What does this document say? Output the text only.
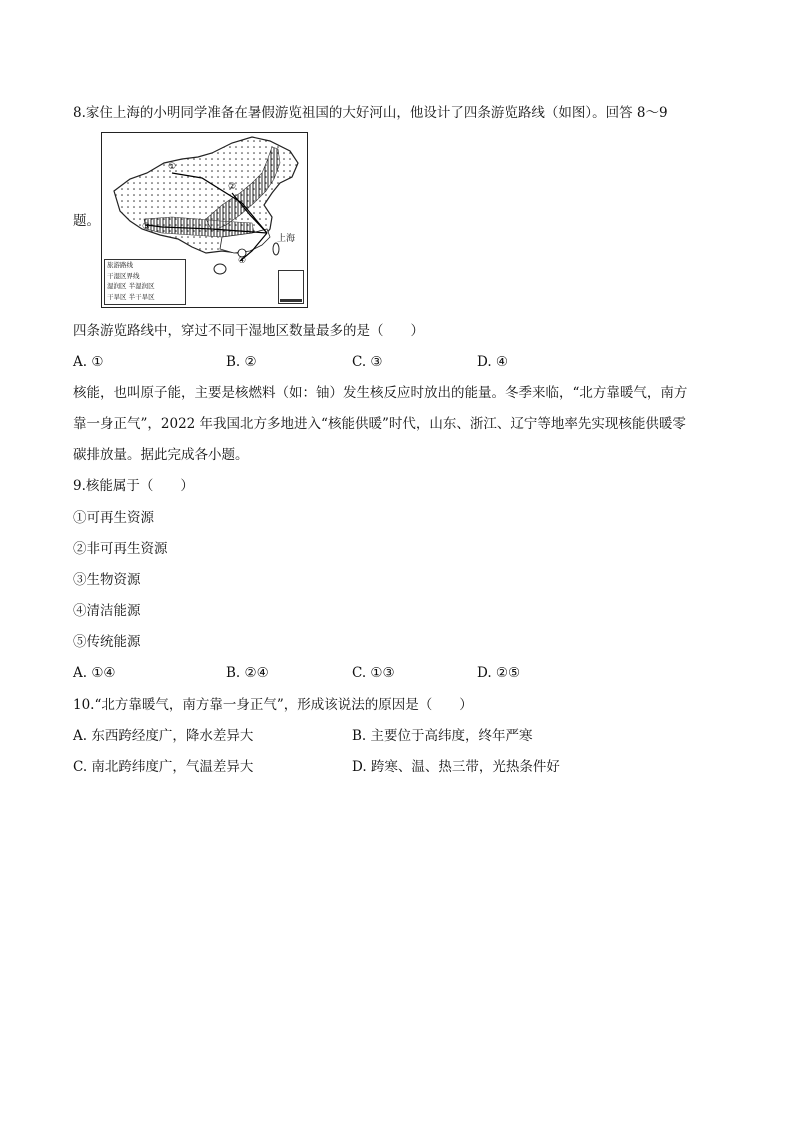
8.家住上海的小明同学准备在暑假游览祖国的大好河山，他设计了四条游览路线（如图）。回答 8～9
①
②
③
④
上海
旅游路线
干湿区界线
湿润区 半湿润区
干旱区 半干旱区
题。
四条游览路线中，穿过不同干湿地区数量最多的是（　　）
A. ①	B. ②	C. ③	D. ④
核能，也叫原子能，主要是核燃料（如：铀）发生核反应时放出的能量。冬季来临，“北方靠暖气，南方
靠一身正气”，2022 年我国北方多地进入“核能供暖”时代，山东、浙江、辽宁等地率先实现核能供暖零
碳排放量。据此完成各小题。
9.核能属于（　　）
①可再生资源
②非可再生资源
③生物资源
④清洁能源
⑤传统能源
A. ①④	B. ②④	C. ①③	D. ②⑤
10.“北方靠暖气，南方靠一身正气”，形成该说法的原因是（　　）
A. 东西跨经度广，降水差异大	B. 主要位于高纬度，终年严寒
C. 南北跨纬度广，气温差异大	D. 跨寒、温、热三带，光热条件好
